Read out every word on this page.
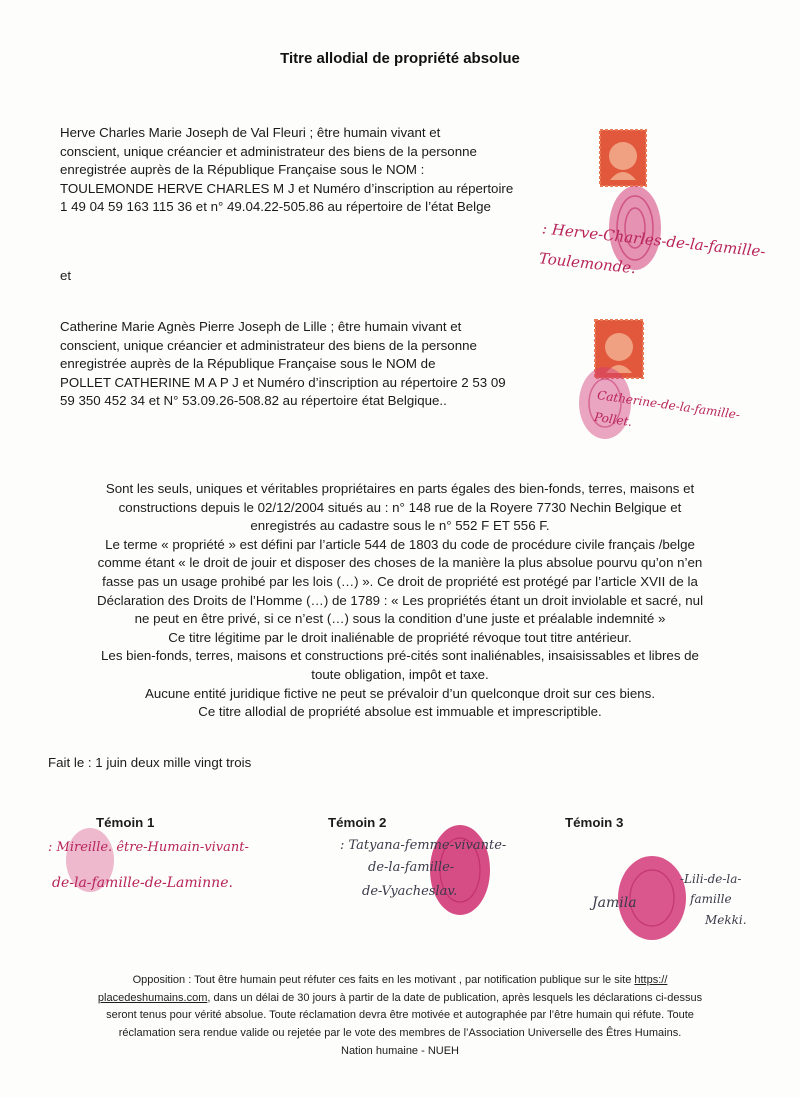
Titre allodial de propriété absolue
Herve Charles Marie Joseph de Val Fleuri ; être humain vivant et
conscient, unique créancier et administrateur des biens de la personne
enregistrée auprès de la République Française sous le NOM :
TOULEMONDE HERVE CHARLES M J et Numéro d’inscription au répertoire
1 49 04 59 163 115 36 et n° 49.04.22-505.86 au répertoire de l’état Belge
: Herve-Charles-de-la-famille-Toulemonde.
et
Catherine Marie Agnès Pierre Joseph de Lille ; être humain vivant et
conscient, unique créancier et administrateur des biens de la personne
enregistrée auprès de la République Française sous le NOM de
POLLET CATHERINE M A P J et Numéro d’inscription au répertoire 2 53 09
59 350 452 34 et N° 53.09.26-508.82 au répertoire état Belgique..	Catherine-de-la-famille-Pollet.
Sont les seuls, uniques et véritables propriétaires en parts égales des bien-fonds, terres, maisons et
constructions depuis le 02/12/2004 situés au : n° 148 rue de la Royere 7730 Nechin Belgique et
enregistrés au cadastre sous le n° 552 F ET 556 F.
Le terme « propriété » est défini par l’article 544 de 1803 du code de procédure civile français /belge
comme étant « le droit de jouir et disposer des choses de la manière la plus absolue pourvu qu’on n’en
fasse pas un usage prohibé par les lois (…) ». Ce droit de propriété est protégé par l’article XVII de la
Déclaration des Droits de l’Homme (…) de 1789 : « Les propriétés étant un droit inviolable et sacré, nul
ne peut en être privé, si ce n’est (…) sous la condition d’une juste et préalable indemnité »
Ce titre légitime par le droit inaliénable de propriété révoque tout titre antérieur.
Les bien-fonds, terres, maisons et constructions pré-cités sont inaliénables, insaisissables et libres de
toute obligation, impôt et taxe.
Aucune entité juridique fictive ne peut se prévaloir d’un quelconque droit sur ces biens.
Ce titre allodial de propriété absolue est immuable et imprescriptible.
Fait le : 1 juin deux mille vingt trois
Témoin 1	Témoin 2	Témoin 3
: Mireille. être-Humain-vivant-
de-la-famille-de-Laminne.
: Tatyana-femme-vivante-
de-la-famille-
de-Vyacheslav.
Jamila
-Lili-de-la-
famille
Mekki.
Opposition : Tout être humain peut réfuter ces faits en les motivant , par notification publique sur le site https://
placedeshumains.com, dans un délai de 30 jours à partir de la date de publication, après lesquels les déclarations ci-dessus
seront tenus pour vérité absolue. Toute réclamation devra être motivée et autographée par l’être humain qui réfute. Toute
réclamation sera rendue valide ou rejetée par le vote des membres de l’Association Universelle des Êtres Humains.
Nation humaine - NUEH
